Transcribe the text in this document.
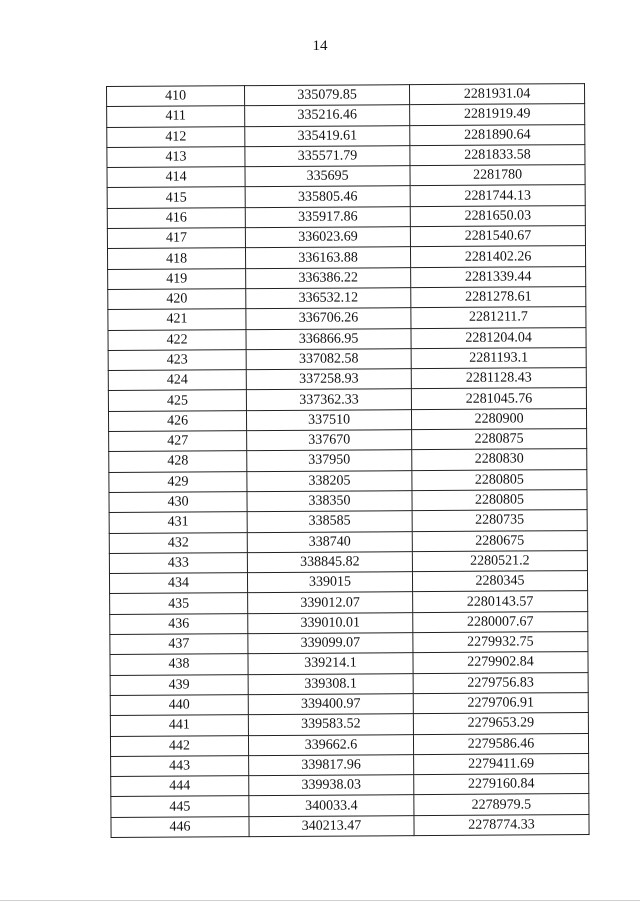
14
410	335079.85	2281931.04
411	335216.46	2281919.49
412	335419.61	2281890.64
413	335571.79	2281833.58
414	335695	2281780
415	335805.46	2281744.13
416	335917.86	2281650.03
417	336023.69	2281540.67
418	336163.88	2281402.26
419	336386.22	2281339.44
420	336532.12	2281278.61
421	336706.26	2281211.7
422	336866.95	2281204.04
423	337082.58	2281193.1
424	337258.93	2281128.43
425	337362.33	2281045.76
426	337510	2280900
427	337670	2280875
428	337950	2280830
429	338205	2280805
430	338350	2280805
431	338585	2280735
432	338740	2280675
433	338845.82	2280521.2
434	339015	2280345
435	339012.07	2280143.57
436	339010.01	2280007.67
437	339099.07	2279932.75
438	339214.1	2279902.84
439	339308.1	2279756.83
440	339400.97	2279706.91
441	339583.52	2279653.29
442	339662.6	2279586.46
443	339817.96	2279411.69
444	339938.03	2279160.84
445	340033.4	2278979.5
446	340213.47	2278774.33
